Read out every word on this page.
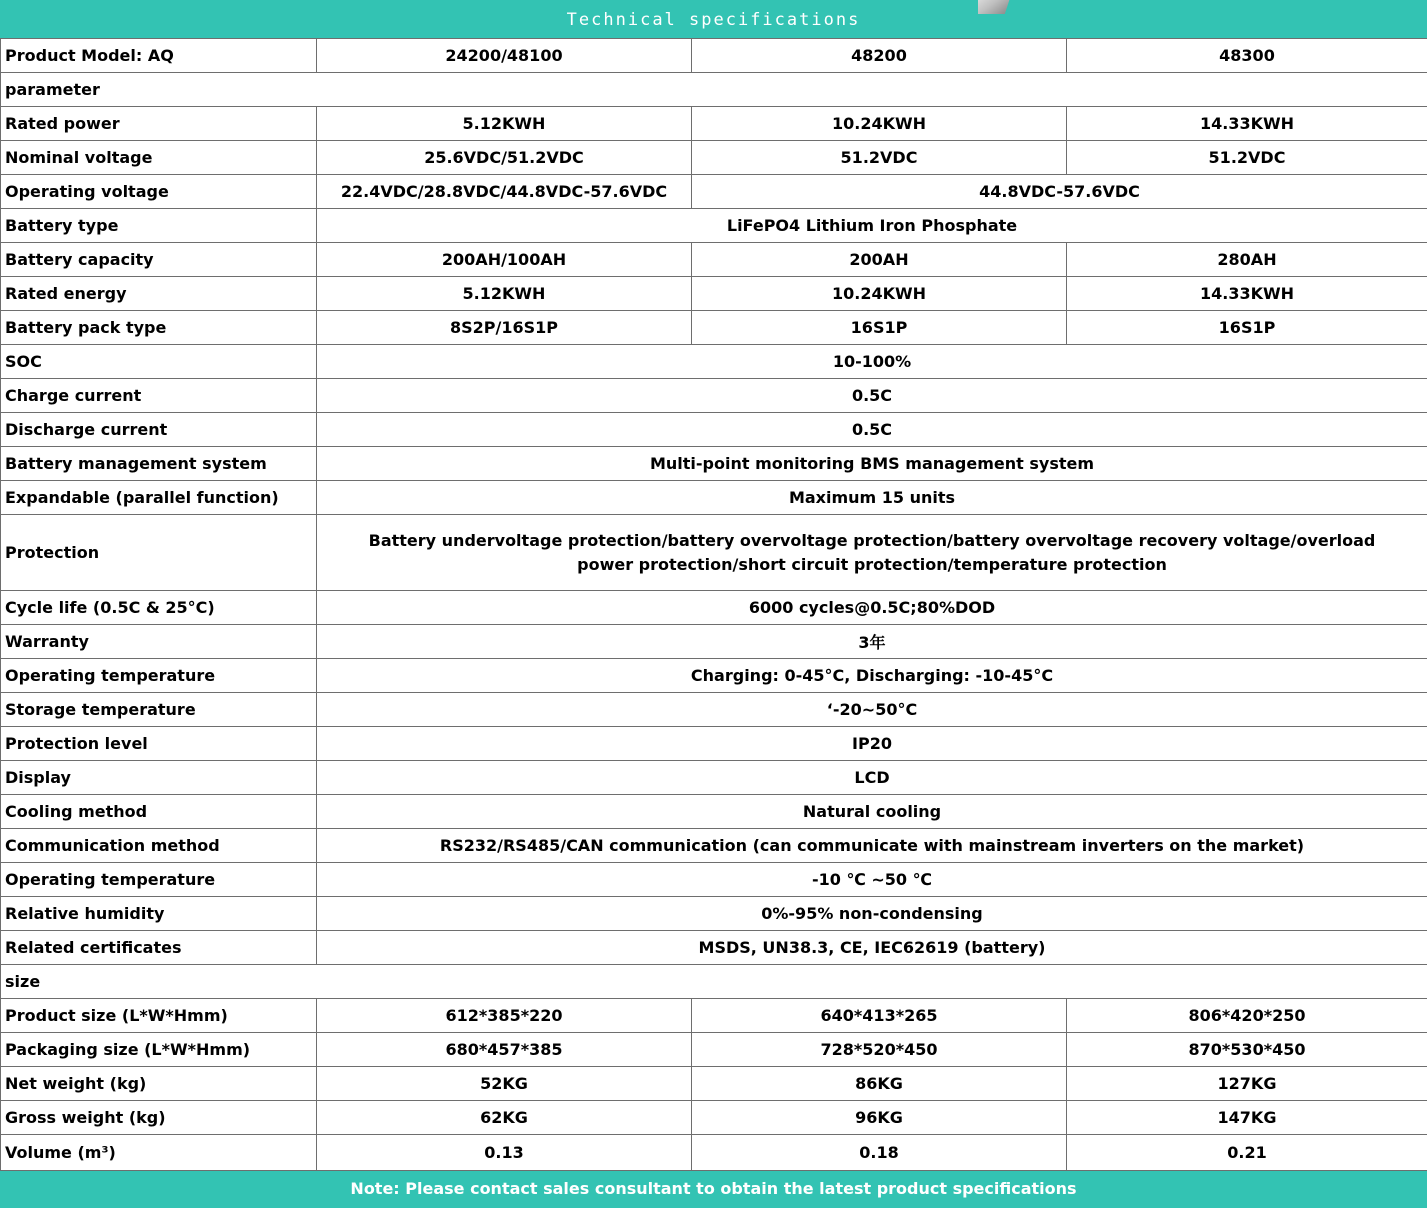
Technical specifications
Product Model: AQ	24200/48100	48200	48300
parameter			
Rated power	5.12KWH	10.24KWH	14.33KWH
Nominal voltage	25.6VDC/51.2VDC	51.2VDC	51.2VDC
Operating voltage	22.4VDC/28.8VDC/44.8VDC-57.6VDC	44.8VDC-57.6VDC	
Battery type	LiFePO4 Lithium Iron Phosphate		
Battery capacity	200AH/100AH	200AH	280AH
Rated energy	5.12KWH	10.24KWH	14.33KWH
Battery pack type	8S2P/16S1P	16S1P	16S1P
SOC	10-100%		
Charge current	0.5C		
Discharge current	0.5C		
Battery management system	Multi-point monitoring BMS management system		
Expandable (parallel function)	Maximum 15 units		
Protection	Battery undervoltage protection/battery overvoltage protection/battery overvoltage recovery voltage/overload power protection/short circuit protection/temperature protection		
Cycle life (0.5C & 25°C)	6000 cycles@0.5C;80%DOD		
Warranty	3年		
Operating temperature	Charging: 0-45°C, Discharging: -10-45°C		
Storage temperature	‘-20~50°C		
Protection level	IP20		
Display	LCD		
Cooling method	Natural cooling		
Communication method	RS232/RS485/CAN communication (can communicate with mainstream inverters on the market)		
Operating temperature	-10 ℃ ~50 ℃		
Relative humidity	0%-95% non-condensing		
Related certificates	MSDS, UN38.3, CE, IEC62619 (battery)		
size			
Product size (L*W*Hmm)	612*385*220	640*413*265	806*420*250
Packaging size (L*W*Hmm)	680*457*385	728*520*450	870*530*450
Net weight (kg)	52KG	86KG	127KG
Gross weight (kg)	62KG	96KG	147KG
Volume (m³)	0.13	0.18	0.21
Note: Please contact sales consultant to obtain the latest product specifications
